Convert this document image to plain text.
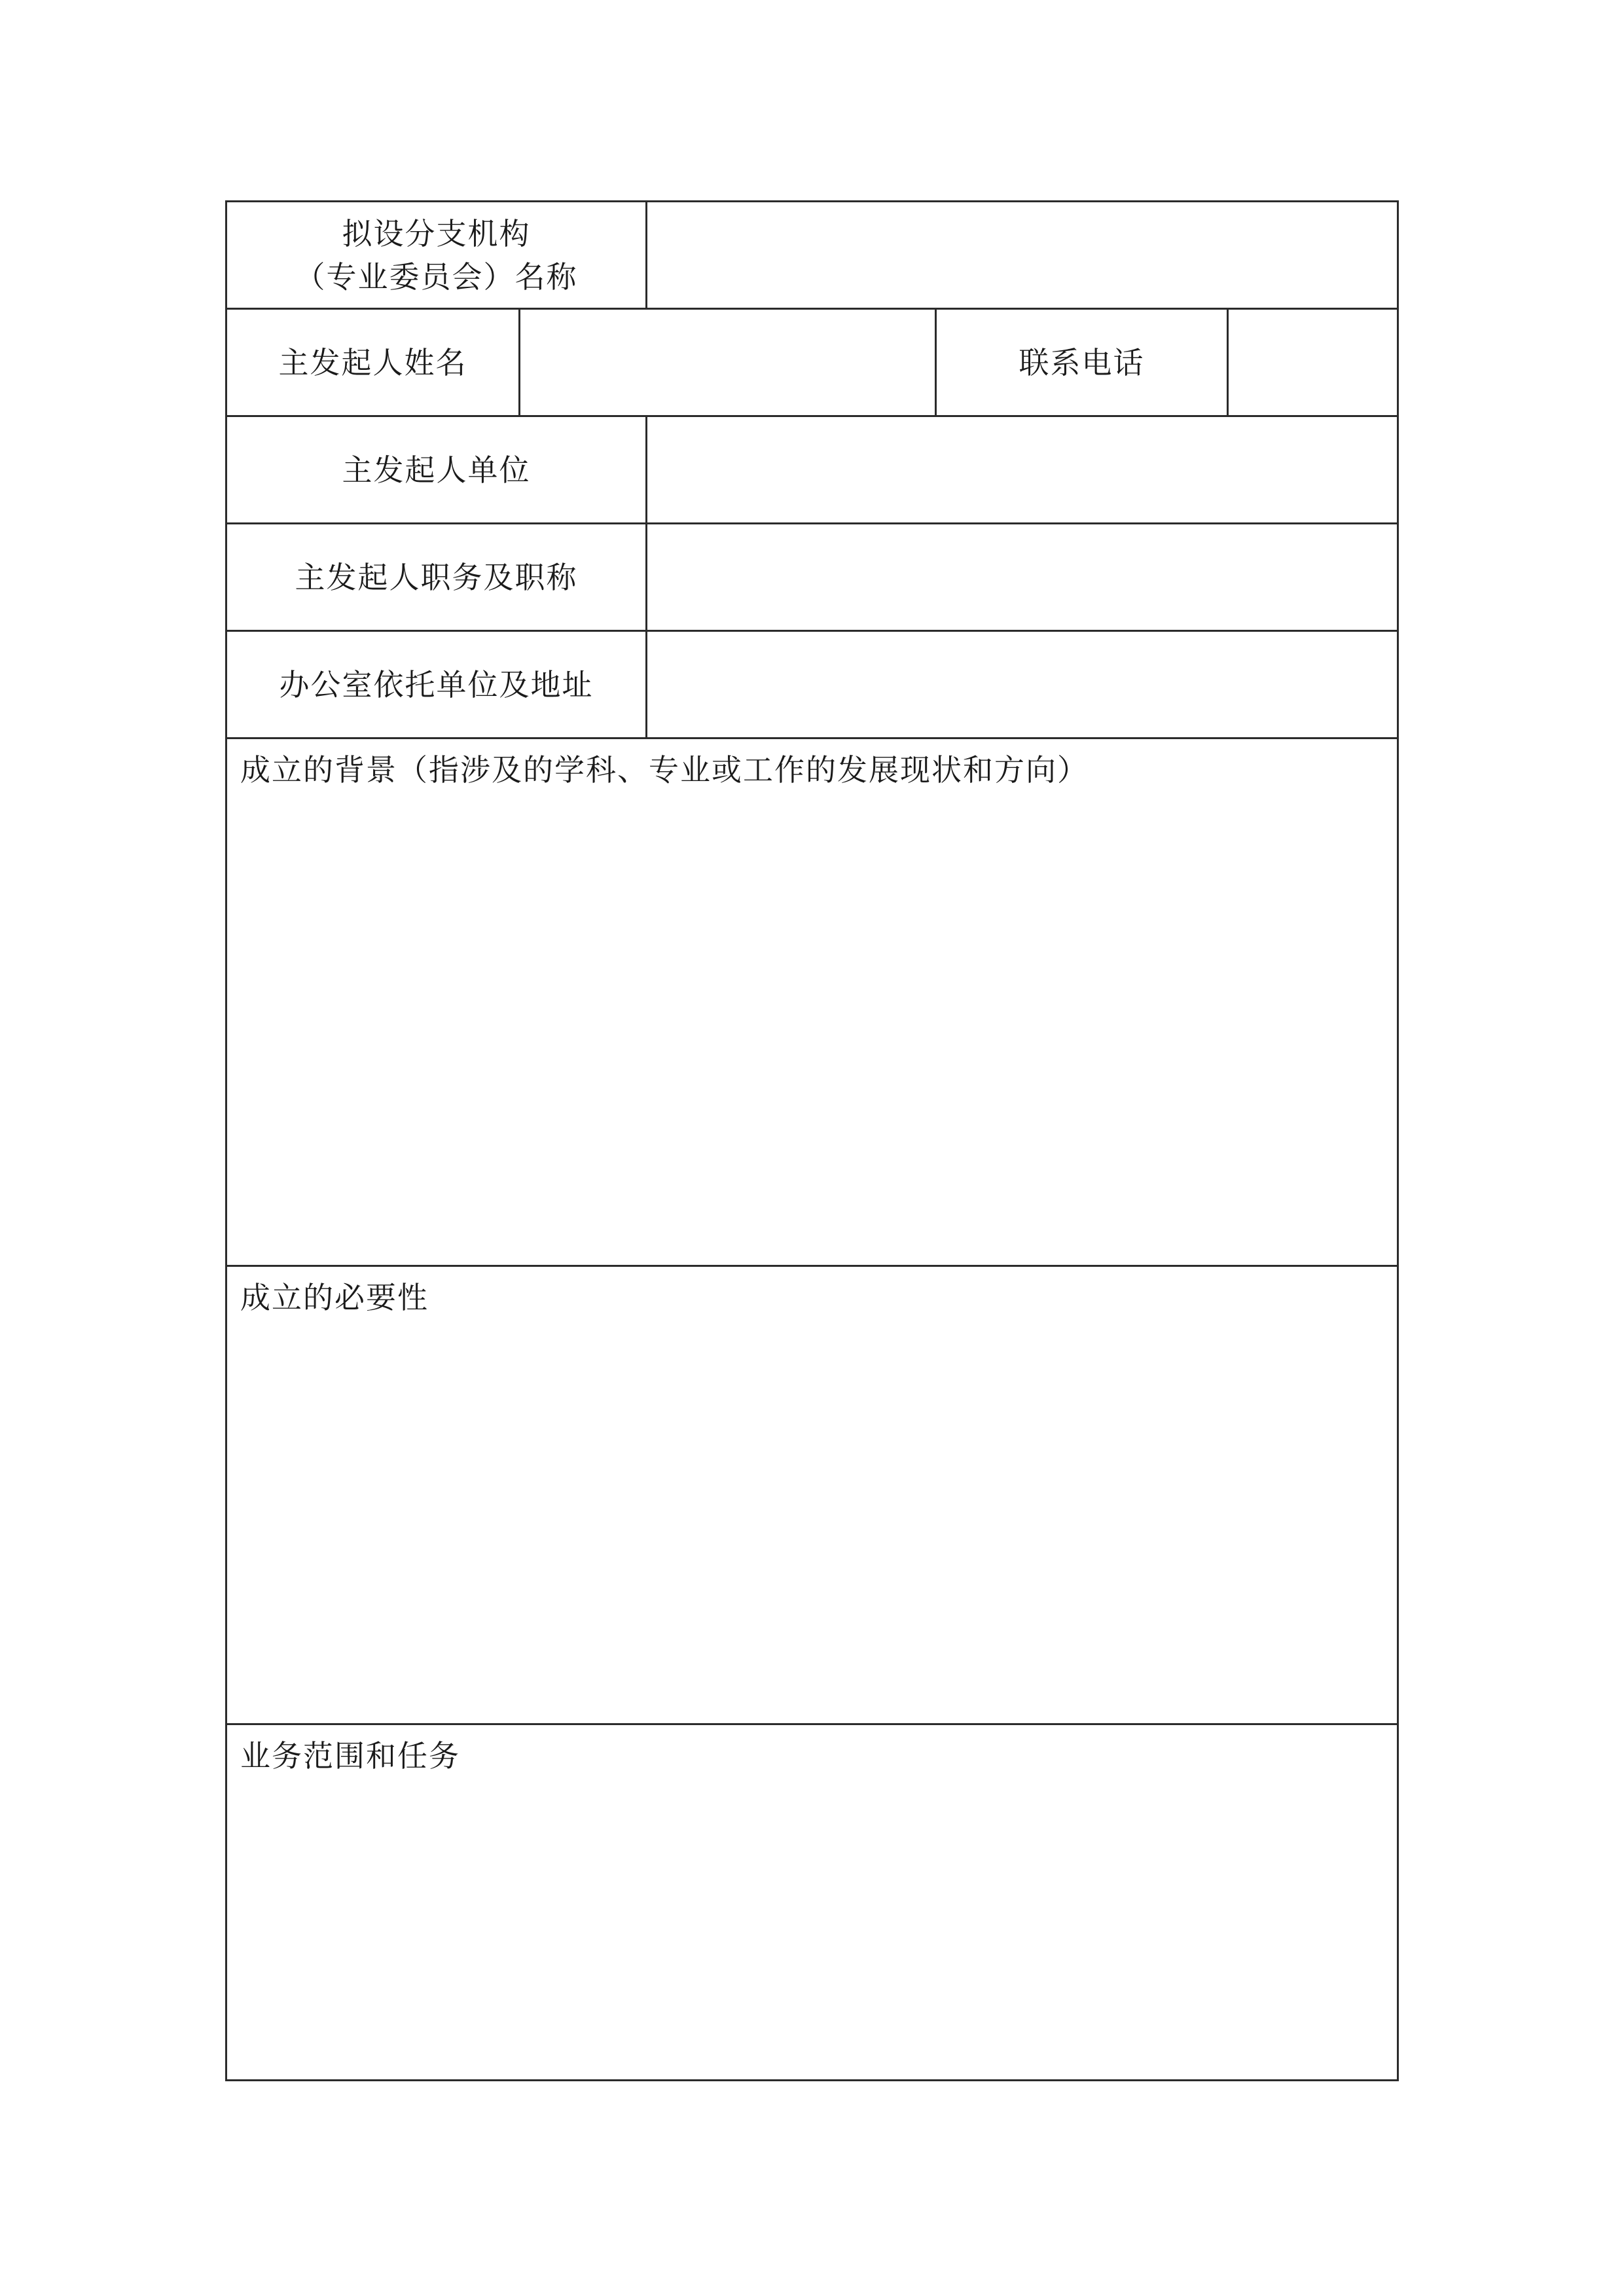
拟设分支机构
（专业委员会）名称				

主发起人姓名			联系电话	
主发起人单位				
主发起人职务及职称				
办公室依托单位及地址				
成立的背景（指涉及的学科、专业或工作的发展现状和方向）				
成立的必要性				
业务范围和任务				
